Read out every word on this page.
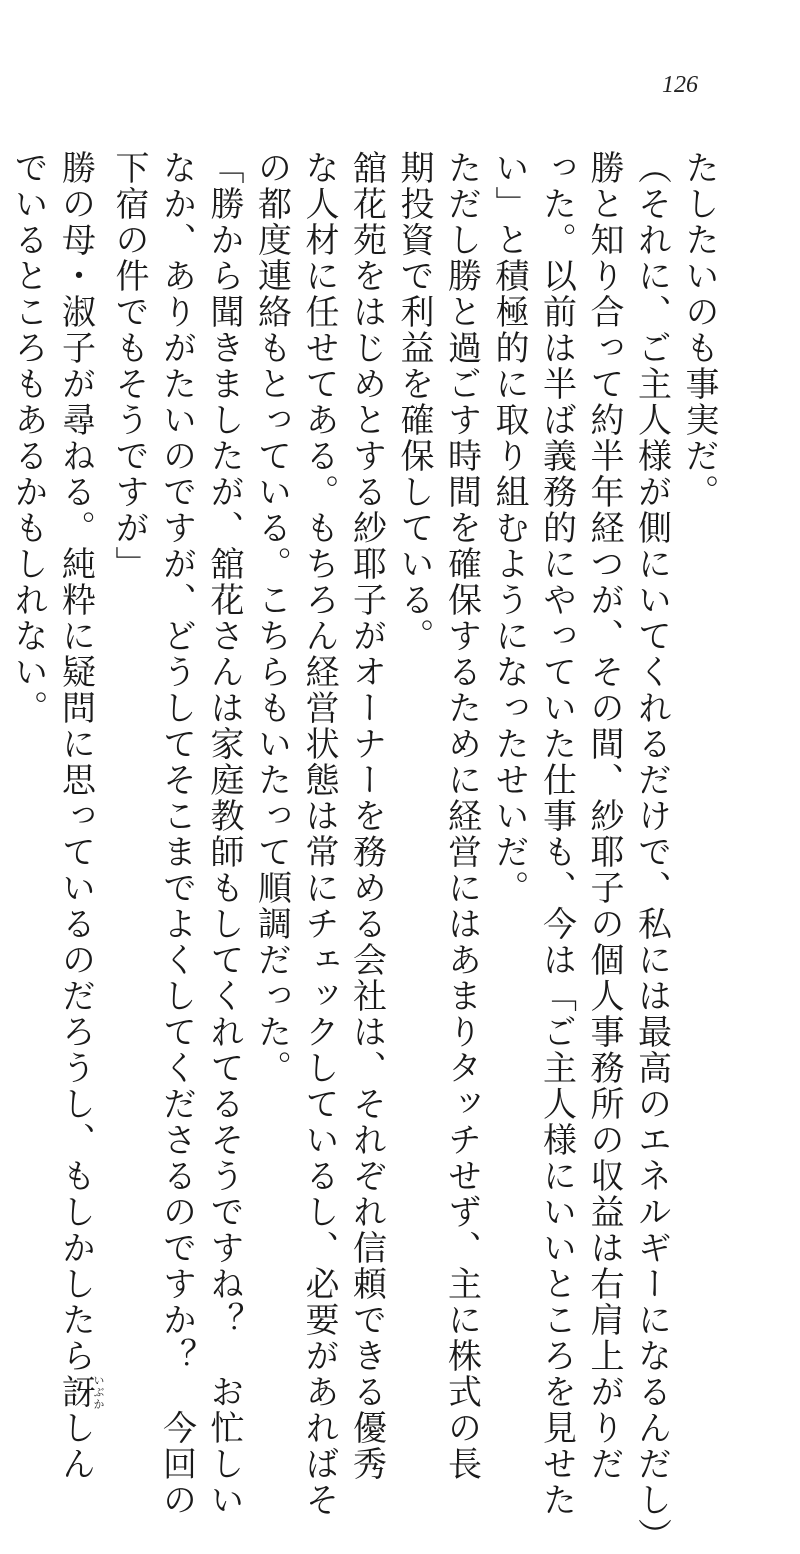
126

たしたいのも事実だ。

（それに、ご主人様が側にいてくれるだけで、私には最高のエネルギーになるんだし）

勝と知り合って約半年経つが、その間、紗耶子の個人事務所の収益は右肩上がりだ

った。以前は半ば義務的にやっていた仕事も、今は「ご主人様にいいところを見せた

い」と積極的に取り組むようになったせいだ。

ただし勝と過ごす時間を確保するために経営にはあまりタッチせず、主に株式の長

期投資で利益を確保している。

舘花苑をはじめとする紗耶子がオーナーを務める会社は、それぞれ信頼できる優秀

な人材に任せてある。もちろん経営状態は常にチェックしているし、必要があればそ

の都度連絡もとっている。こちらもいたって順調だった。

「勝から聞きましたが、舘花さんは家庭教師もしてくれてるそうですね？　お忙しい

なか、ありがたいのですが、どうしてそこまでよくしてくださるのですか？　今回の

下宿の件でもそうですが」

勝の母・淑子が尋ねる。純粋に疑問に思っているのだろうし、もしかしたら訝いぶかしん

でいるところもあるかもしれない。
